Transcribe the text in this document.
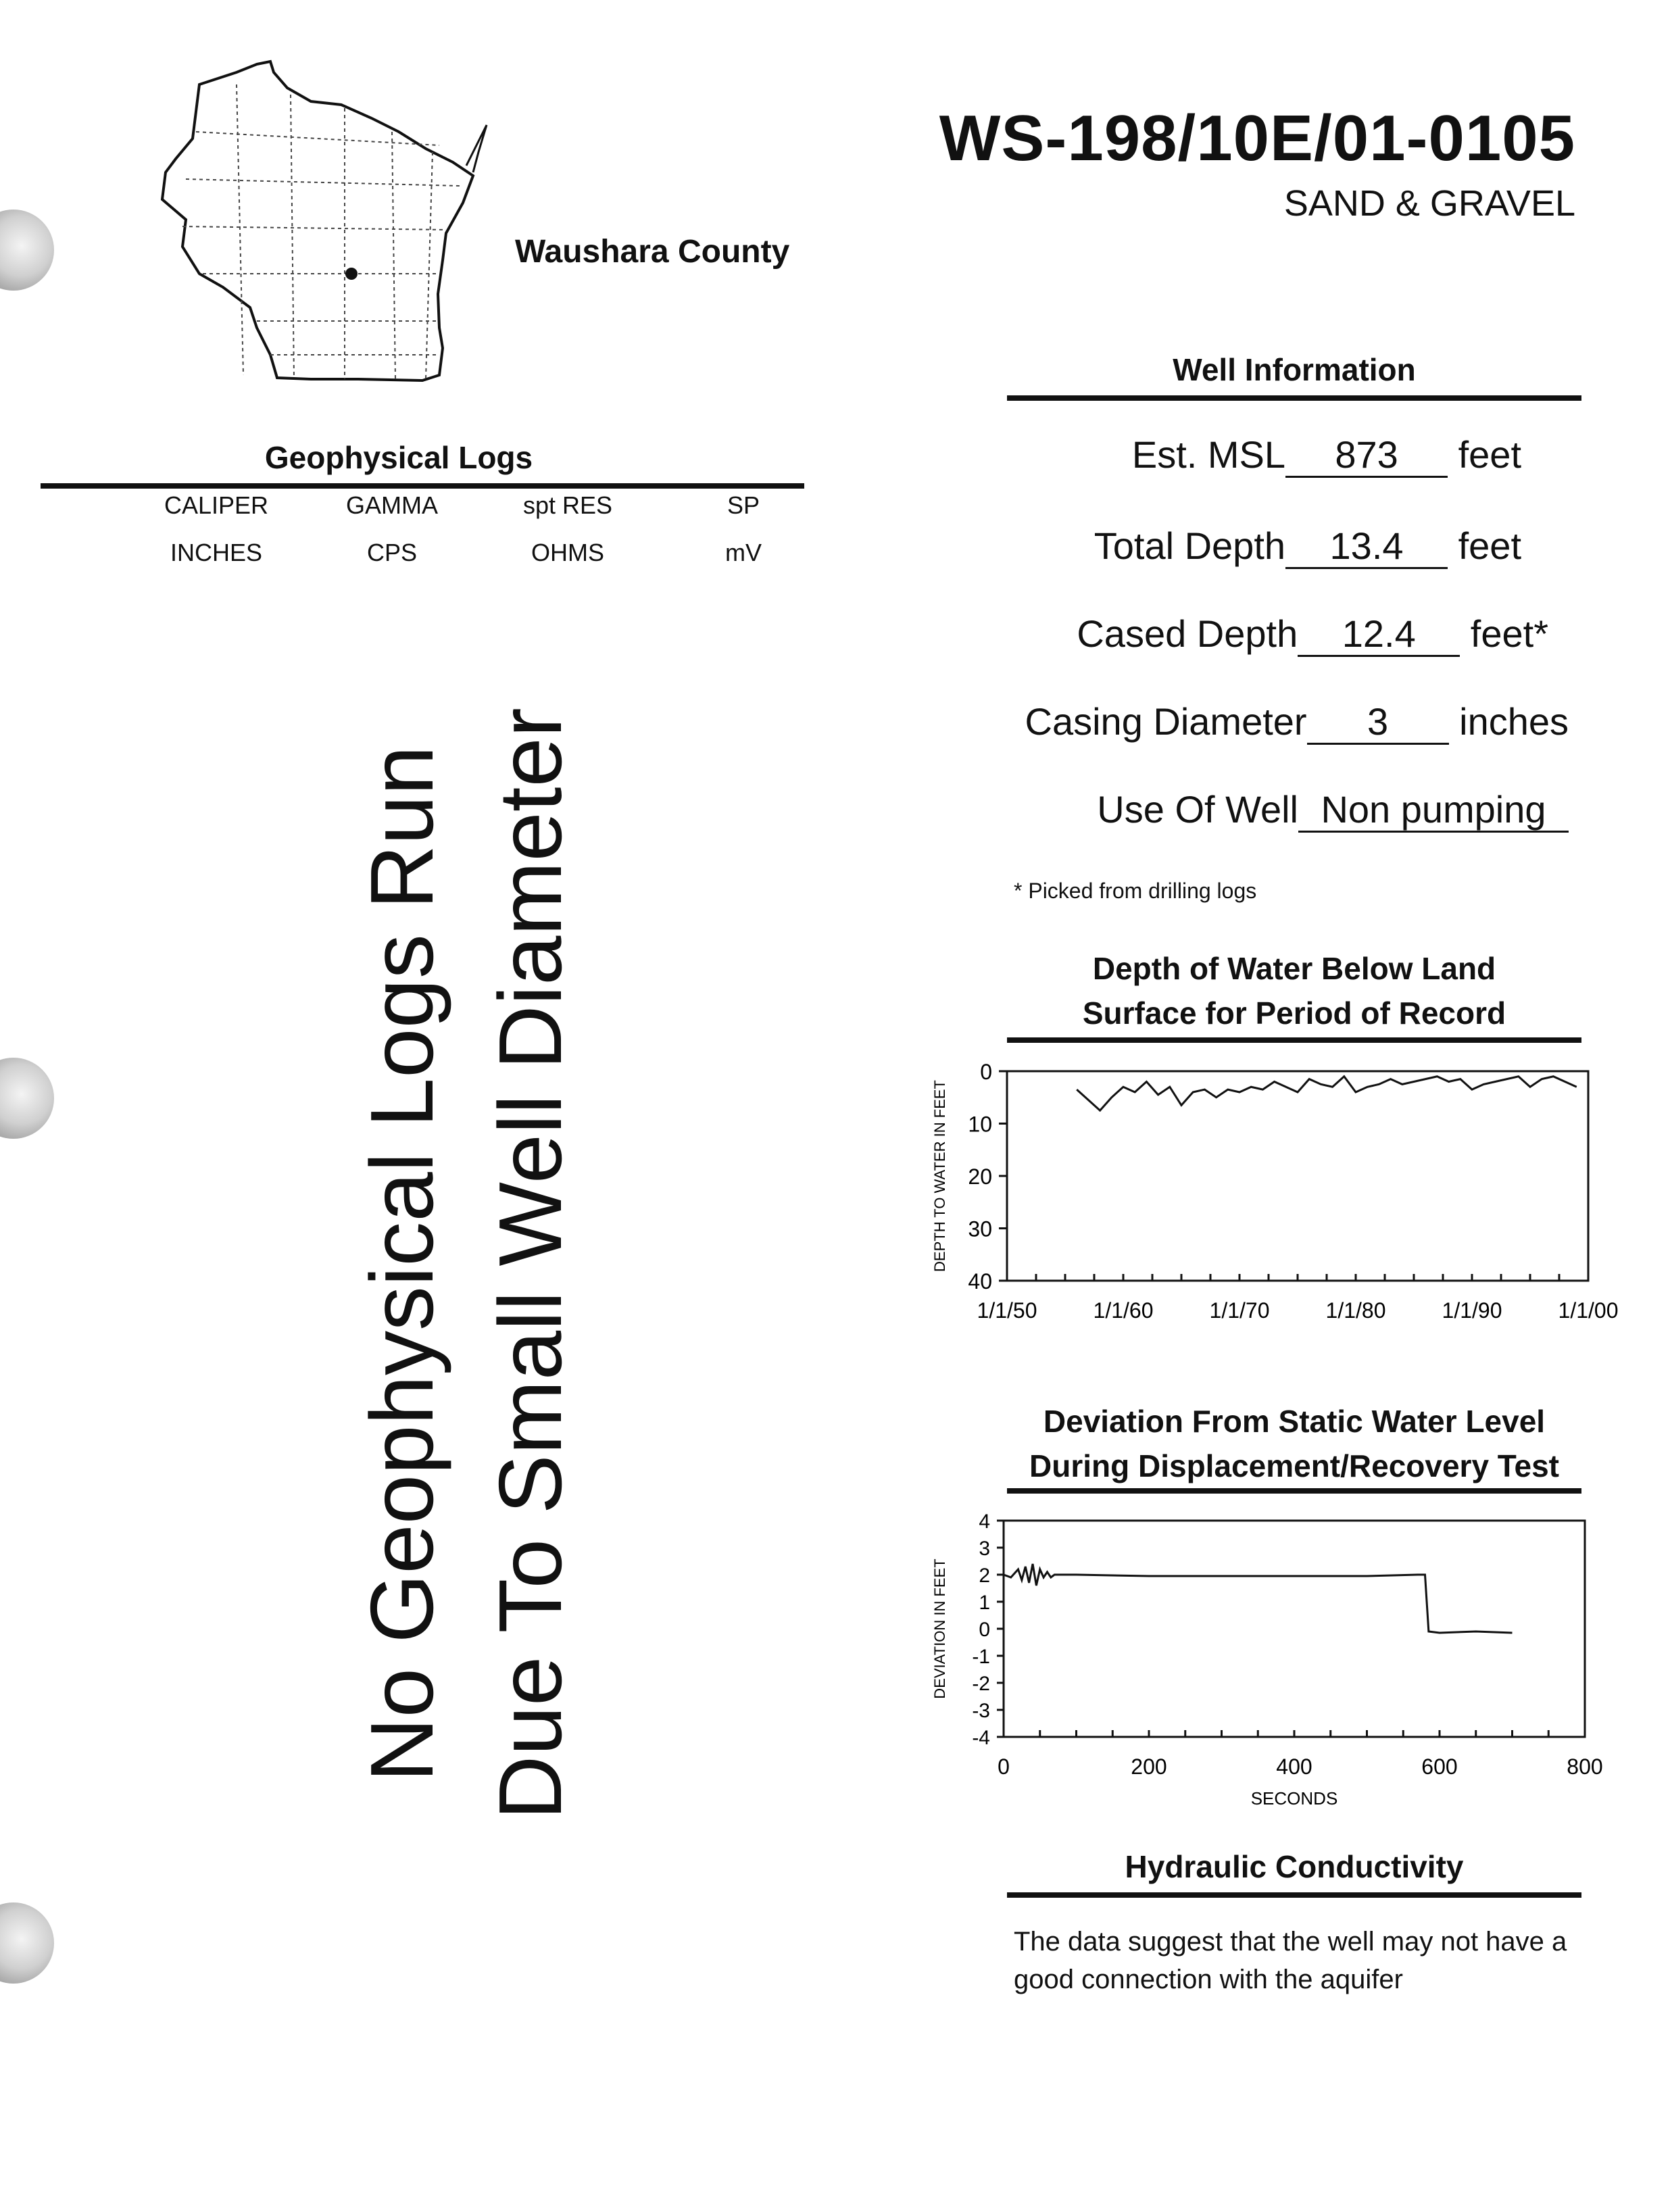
Waushara County
WS-198/10E/01-0105
SAND & GRAVEL
Geophysical Logs
CALIPER	GAMMA	spt RES	SP
INCHES	CPS	OHMS	mV
No Geophysical Logs Run Due To Small Well Diameter
Well Information
Est. MSL 873 feet
Total Depth 13.4 feet
Cased Depth 12.4 feet*
Casing Diameter 3 inches
Use Of Well Non pumping
* Picked from drilling logs
Depth of Water Below Land
Surface for Period of Record
0
10
20
30
40
1/1/50	1/1/60	1/1/70	1/1/80	1/1/90	1/1/00
DEPTH TO WATER IN FEET
Deviation From Static Water Level
During Displacement/Recovery Test
4
3
2
1
0
-1
-2
-3
-4
0	200	400	600	800
SECONDS
DEVIATION IN FEET
Hydraulic Conductivity
The data suggest that the well may not have a good connection with the aquifer
